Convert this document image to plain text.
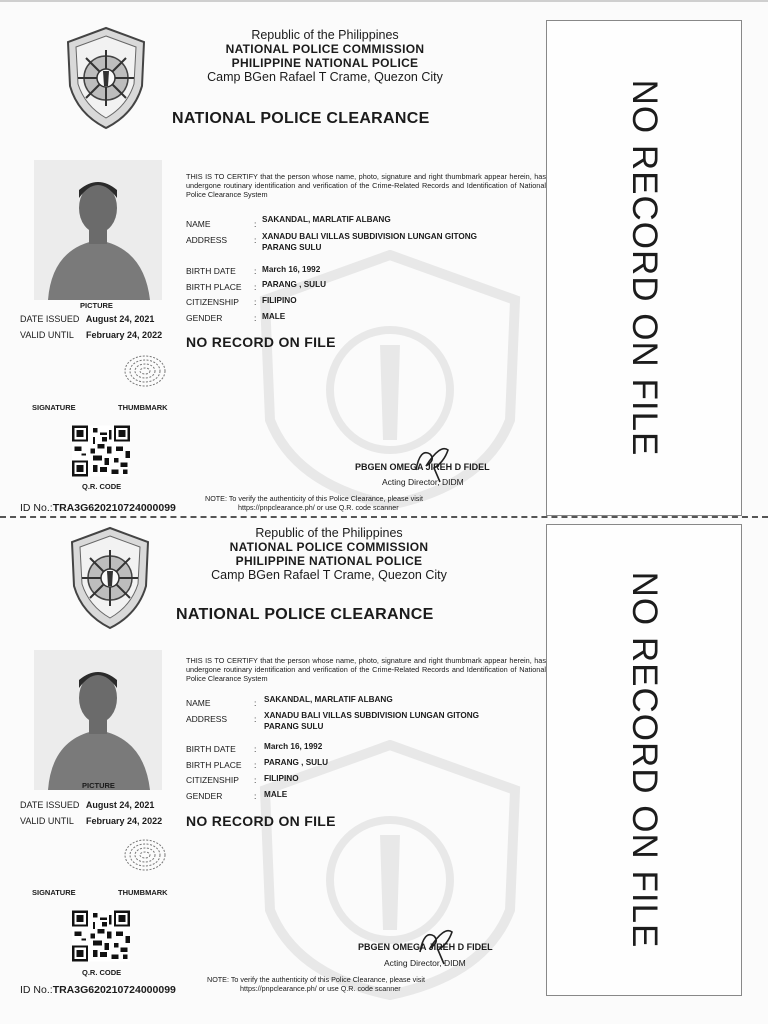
Republic of the Philippines
NATIONAL POLICE COMMISSION
PHILIPPINE NATIONAL POLICE
Camp BGen Rafael T Crame, Quezon City
NATIONAL POLICE CLEARANCE
PICTURE
DATE ISSUED August 24, 2021
VALID UNTIL February 24, 2022
SIGNATURE	THUMBMARK
Q.R. CODE
ID No.:TRA3G620210724000099
THIS IS TO CERTIFY that the person whose name, photo, signature and right thumbmark appear herein, has undergone routinary identification and verification of the Crime-Related Records and Identification of National Police Clearance System
NAME	: SAKANDAL, MARLATIF ALBANG
ADDRESS	: XANADU BALI VILLAS SUBDIVISION LUNGAN GITONG
PARANG SULU
BIRTH DATE : March 16, 1992
BIRTH PLACE : PARANG , SULU
CITIZENSHIP : FILIPINO
GENDER	: MALE
NO RECORD ON FILE
PBGEN OMEGA JIREH D FIDEL
Acting Director, DIDM
NOTE: To verify the authenticity of this Police Clearance, please visit
https://pnpclearance.ph/ or use Q.R. code scanner
NO RECORD ON FILE
Republic of the Philippines
NATIONAL POLICE COMMISSION
PHILIPPINE NATIONAL POLICE
Camp BGen Rafael T Crame, Quezon City
NATIONAL POLICE CLEARANCE
PICTURE
DATE ISSUED August 24, 2021
VALID UNTIL February 24, 2022
SIGNATURE	THUMBMARK
Q.R. CODE
ID No.:TRA3G620210724000099
THIS IS TO CERTIFY that the person whose name, photo, signature and right thumbmark appear herein, has undergone routinary identification and verification of the Crime-Related Records and Identification of National Police Clearance System
NAME	: SAKANDAL, MARLATIF ALBANG
ADDRESS	: XANADU BALI VILLAS SUBDIVISION LUNGAN GITONG
PARANG SULU
BIRTH DATE : March 16, 1992
BIRTH PLACE : PARANG , SULU
CITIZENSHIP : FILIPINO
GENDER	: MALE
NO RECORD ON FILE
PBGEN OMEGA JIREH D FIDEL
Acting Director, DIDM
NOTE: To verify the authenticity of this Police Clearance, please visit
https://pnpclearance.ph/ or use Q.R. code scanner
NO RECORD ON FILE
